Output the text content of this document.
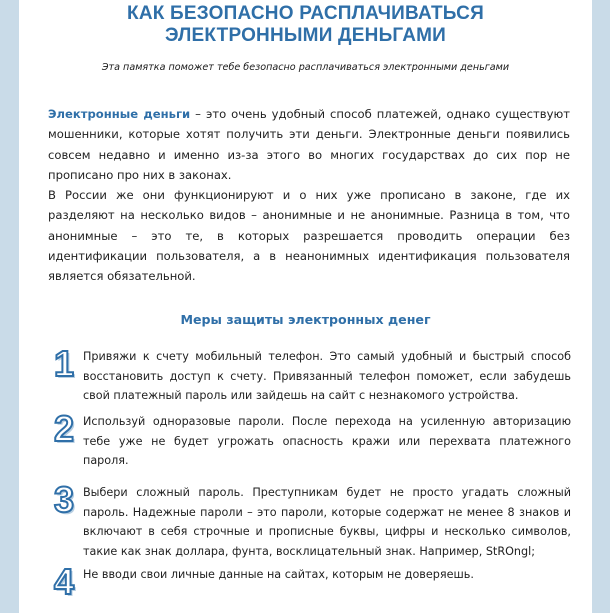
КАК БЕЗОПАСНО РАСПЛАЧИВАТЬСЯ
ЭЛЕКТРОННЫМИ ДЕНЬГАМИ
Эта памятка поможет тебе безопасно расплачиваться электронными деньгами

Электронные деньги – это очень удобный способ платежей, однако существуют мошенники, которые хотят получить эти деньги. Электронные деньги появились совсем недавно и именно из-за этого во многих государствах до сих пор не прописано про них в законах.

В России же они функционируют и о них уже прописано в законе, где их разделяют на несколько видов – анонимные и не анонимные. Разница в том, что анонимные – это те, в которых разрешается проводить операции без идентификации пользователя, а в неанонимных идентификация пользователя является обязательной.

Меры защиты электронных денег
1 Привяжи к счету мобильный телефон. Это самый удобный и быстрый способ восстановить доступ к счету. Привязанный телефон поможет, если забудешь свой платежный пароль или зайдешь на сайт с незнакомого устройства.
2 Используй одноразовые пароли. После перехода на усиленную авторизацию тебе уже не будет угрожать опасность кражи или перехвата платежного пароля.
3 Выбери сложный пароль. Преступникам будет не просто угадать сложный пароль. Надежные пароли – это пароли, которые содержат не менее 8 знаков и включают в себя строчные и прописные буквы, цифры и несколько символов, такие как знак доллара, фунта, восклицательный знак. Например, StROngl;
4 Не вводи свои личные данные на сайтах, которым не доверяешь.
